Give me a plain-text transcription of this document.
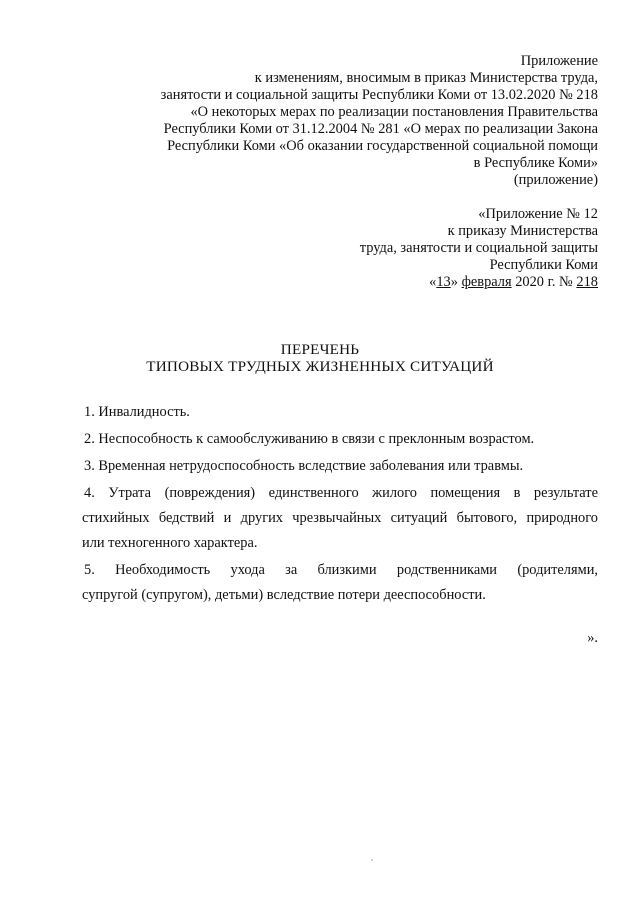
Приложение
к изменениям, вносимым в приказ Министерства труда,
занятости и социальной защиты Республики Коми от 13.02.2020 № 218
«О некоторых мерах по реализации постановления Правительства
Республики Коми от 31.12.2004 № 281 «О мерах по реализации Закона
Республики Коми «Об оказании государственной социальной помощи
в Республике Коми»
(приложение)
«Приложение № 12
к приказу Министерства
труда, занятости и социальной защиты
Республики Коми
«13» февраля 2020 г. № 218
ПЕРЕЧЕНЬ
ТИПОВЫХ ТРУДНЫХ ЖИЗНЕННЫХ СИТУАЦИЙ
1. Инвалидность.
2. Неспособность к самообслуживанию в связи с преклонным возрастом.
3. Временная нетрудоспособность вследствие заболевания или травмы.
4. Утрата (повреждения) единственного жилого помещения в результате
стихийных бедствий и других чрезвычайных ситуаций бытового, природного
или техногенного характера.
5. Необходимость ухода за близкими родственниками (родителями,
супругой (супругом), детьми) вследствие потери дееспособности.
».
